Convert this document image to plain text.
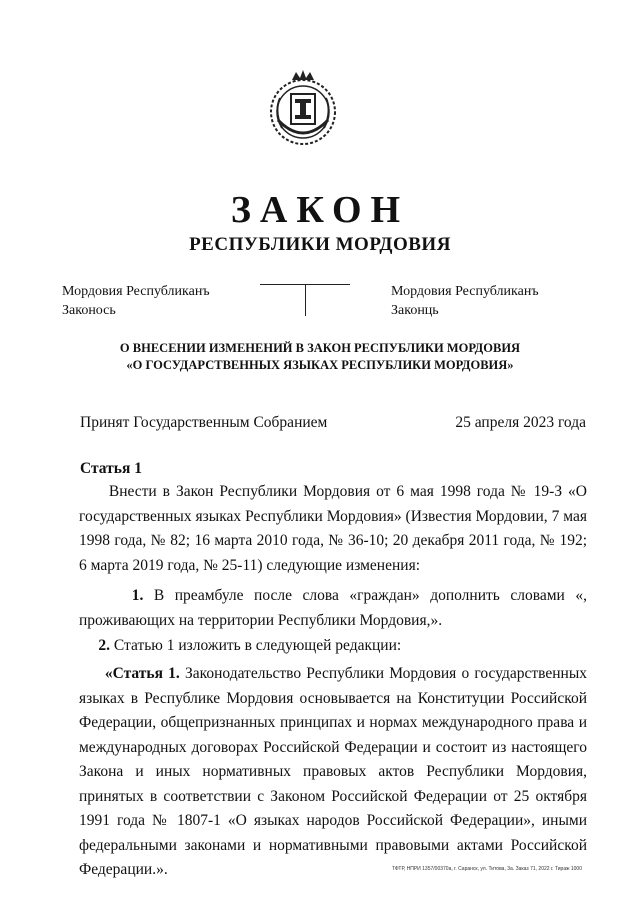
ЗАКОН
РЕСПУБЛИКИ МОРДОВИЯ
Мордовия Республиканъ
Законось
Мордовия Республиканъ
Законць
О ВНЕСЕНИИ ИЗМЕНЕНИЙ В ЗАКОН РЕСПУБЛИКИ МОРДОВИЯ
«О ГОСУДАРСТВЕННЫХ ЯЗЫКАХ РЕСПУБЛИКИ МОРДОВИЯ»
Принят Государственным Собранием	25 апреля 2023 года
Статья 1
Внести в Закон Республики Мордовия от 6 мая 1998 года № 19-З «О государственных языках Республики Мордовия» (Известия Мордовии, 7 мая 1998 года, № 82; 16 марта 2010 года, № 36-10; 20 декабря 2011 года, № 192; 6 марта 2019 года, № 25-11) следующие изменения:
1. В преамбуле после слова «граждан» дополнить словами «, проживающих на территории Республики Мордовия,».
2. Статью 1 изложить в следующей редакции:
«Статья 1. Законодательство Республики Мордовия о государственных языках в Республике Мордовия основывается на Конституции Российской Федерации, общепризнанных принципах и нормах международного права и международных договорах Российской Федерации и состоит из настоящего Закона и иных нормативных правовых актов Республики Мордовия, принятых в соответствии с Законом Российской Федерации от 25 октября 1991 года № 1807-1 «О языках народов Российской Федерации», иными федеральными законами и нормативными правовыми актами Российской Федерации.».	ТФТР, НПРИ 1357/00370а, г. Саранск, ул. Титова, 3а. Заказ 71, 2022 г. Тираж 1000
